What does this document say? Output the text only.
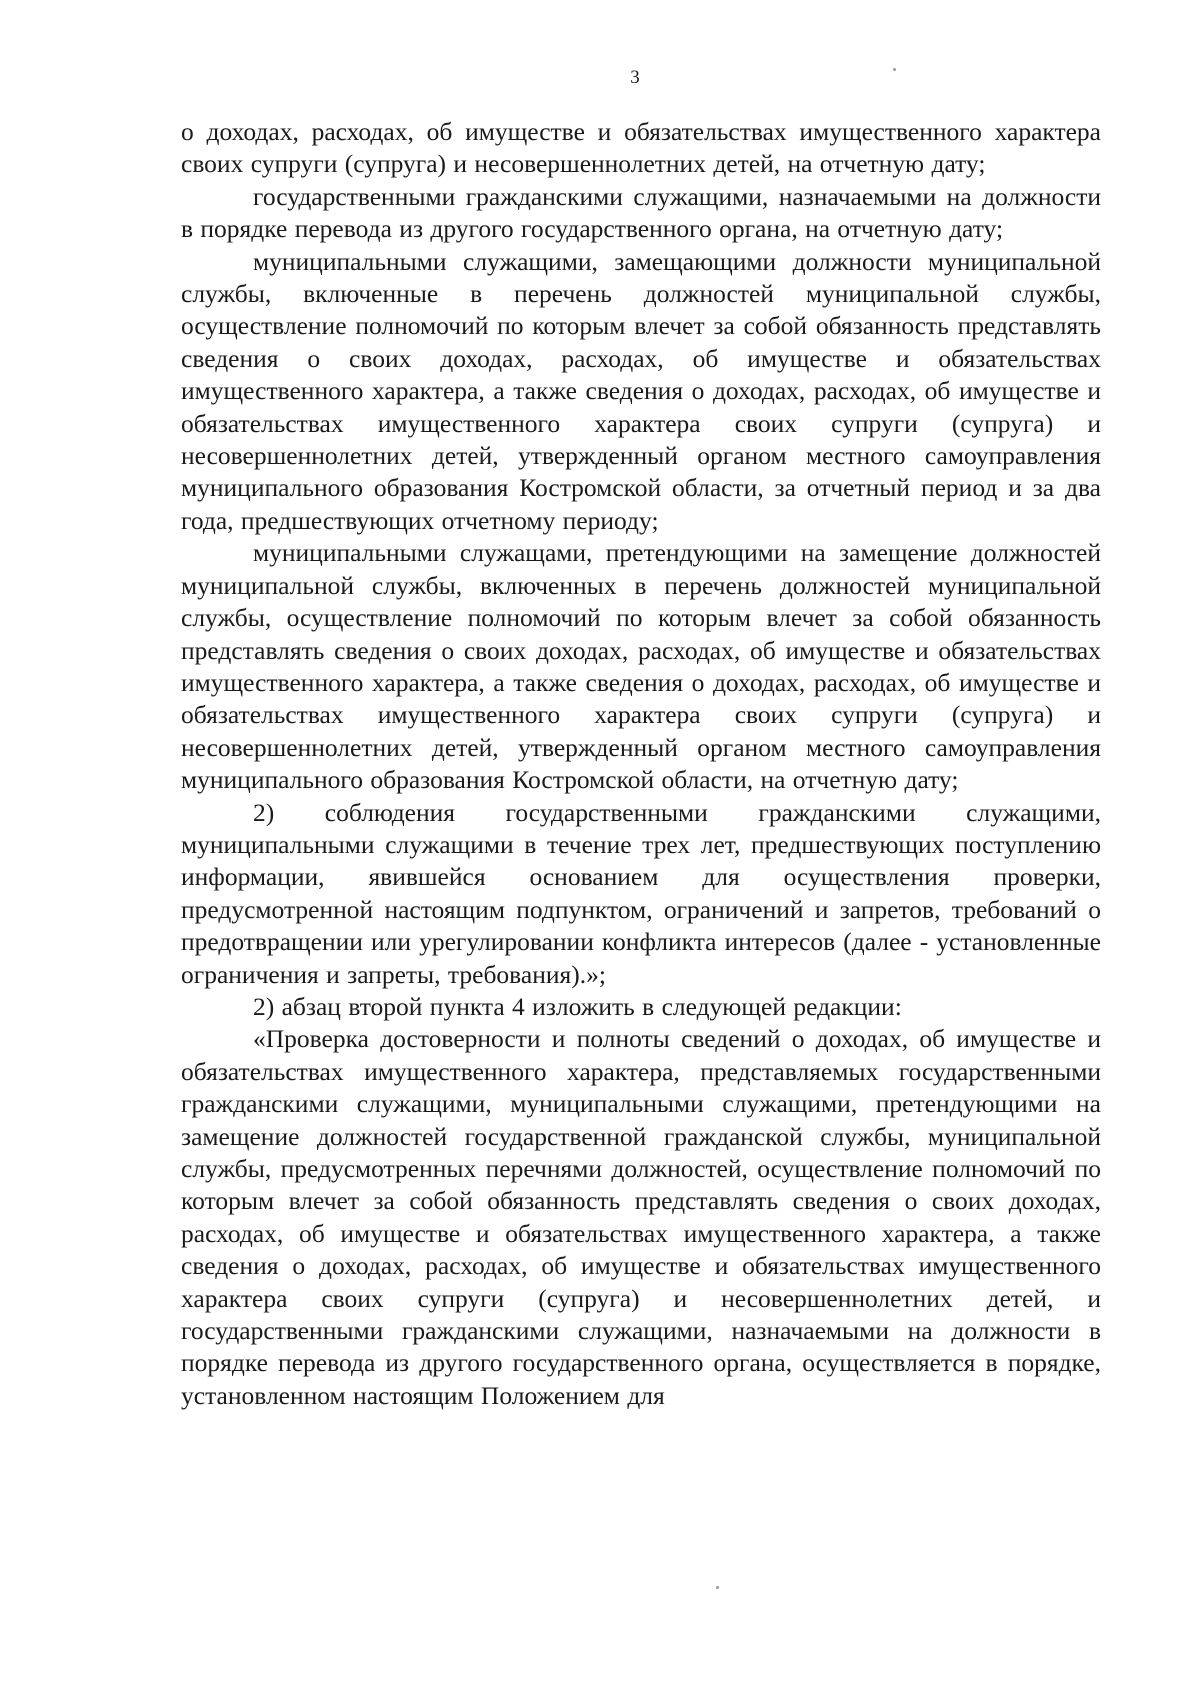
3

о доходах, расходах, об имуществе и обязательствах имущественного характера своих супруги (супруга) и несовершеннолетних детей, на отчетную дату;

государственными гражданскими служащими, назначаемыми на должности в порядке перевода из другого государственного органа, на отчетную дату;

муниципальными служащими, замещающими должности муниципальной службы, включенные в перечень должностей муниципальной службы, осуществление полномочий по которым влечет за собой обязанность представлять сведения о своих доходах, расходах, об имуществе и обязательствах имущественного характера, а также сведения о доходах, расходах, об имуществе и обязательствах имущественного характера своих супруги (супруга) и несовершеннолетних детей, утвержденный органом местного самоуправления муниципального образования Костромской области, за отчетный период и за два года, предшествующих отчетному периоду;

муниципальными служащами, претендующими на замещение должностей муниципальной службы, включенных в перечень должностей муниципальной службы, осуществление полномочий по которым влечет за собой обязанность представлять сведения о своих доходах, расходах, об имуществе и обязательствах имущественного характера, а также сведения о доходах, расходах, об имуществе и обязательствах имущественного характера своих супруги (супруга) и несовершеннолетних детей, утвержденный органом местного самоуправления муниципального образования Костромской области, на отчетную дату;

2) соблюдения государственными гражданскими служащими, муниципальными служащими в течение трех лет, предшествующих поступлению информации, явившейся основанием для осуществления проверки, предусмотренной настоящим подпунктом, ограничений и запретов, требований о предотвращении или урегулировании конфликта интересов (далее - установленные ограничения и запреты, требования).»;

2) абзац второй пункта 4 изложить в следующей редакции:

«Проверка достоверности и полноты сведений о доходах, об имуществе и обязательствах имущественного характера, представляемых государственными гражданскими служащими, муниципальными служащими, претендующими на замещение должностей государственной гражданской службы, муниципальной службы, предусмотренных перечнями должностей, осуществление полномочий по которым влечет за собой обязанность представлять сведения о своих доходах, расходах, об имуществе и обязательствах имущественного характера, а также сведения о доходах, расходах, об имуществе и обязательствах имущественного характера своих супруги (супруга) и несовершеннолетних детей, и государственными гражданскими служащими, назначаемыми на должности в порядке перевода из другого государственного органа, осуществляется в порядке, установленном настоящим Положением для
